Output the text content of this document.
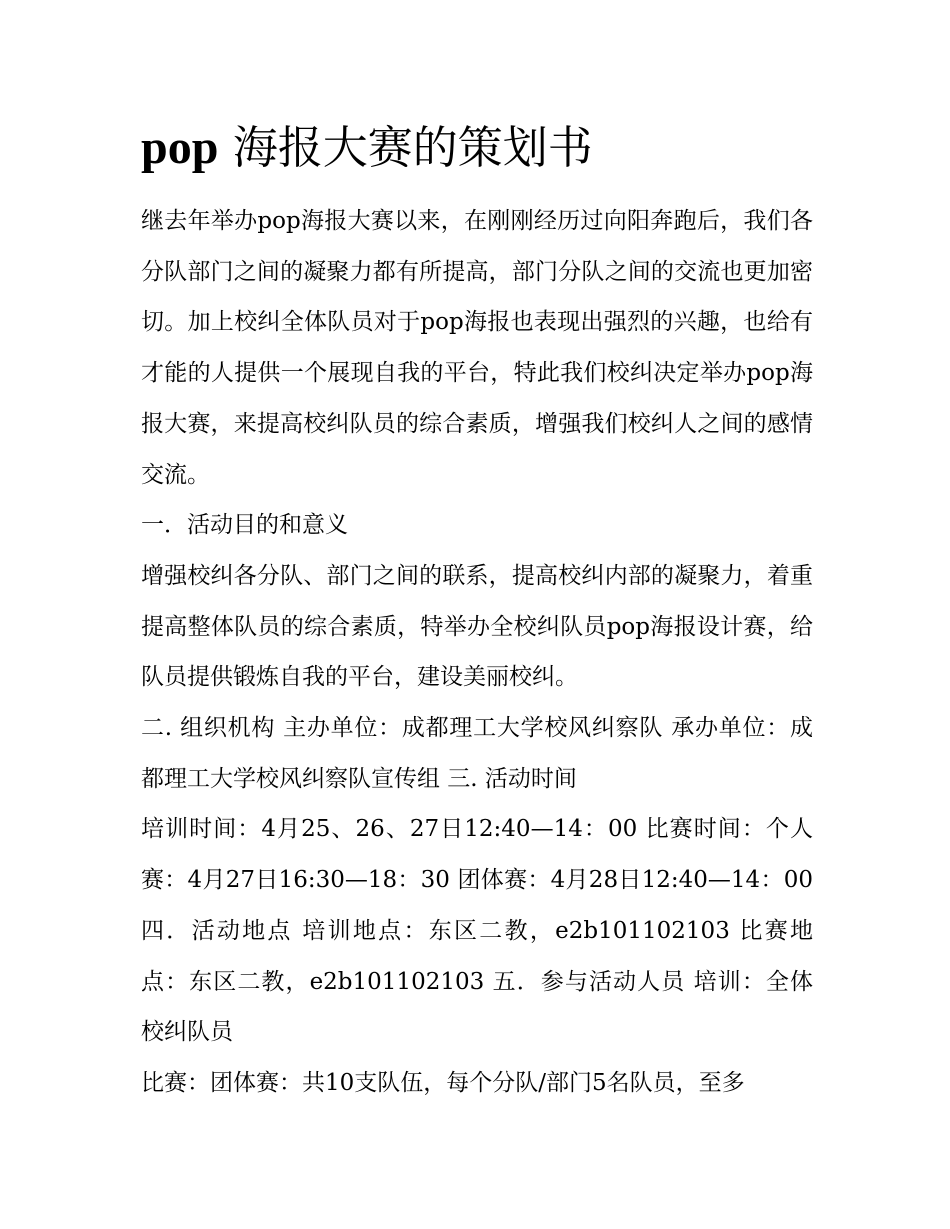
pop 海报大赛的策划书

继去年举办pop海报大赛以来，在刚刚经历过向阳奔跑后，我们各分队部门之间的凝聚力都有所提高，部门分队之间的交流也更加密切。加上校纠全体队员对于pop海报也表现出强烈的兴趣，也给有才能的人提供一个展现自我的平台，特此我们校纠决定举办pop海报大赛，来提高校纠队员的综合素质，增强我们校纠人之间的感情交流。

一．活动目的和意义

增强校纠各分队、部门之间的联系，提高校纠内部的凝聚力，着重提高整体队员的综合素质，特举办全校纠队员pop海报设计赛，给队员提供锻炼自我的平台，建设美丽校纠。

二. 组织机构 主办单位：成都理工大学校风纠察队 承办单位：成都理工大学校风纠察队宣传组 三. 活动时间

培训时间：4月25、26、27日12:40—14：00 比赛时间：个人赛：4月27日16:30—18：30 团体赛：4月28日12:40—14：00 四．活动地点 培训地点：东区二教，e2b101102103 比赛地点：东区二教，e2b101102103 五．参与活动人员 培训：全体校纠队员

比赛：团体赛：共10支队伍，每个分队/部门5名队员，至多
